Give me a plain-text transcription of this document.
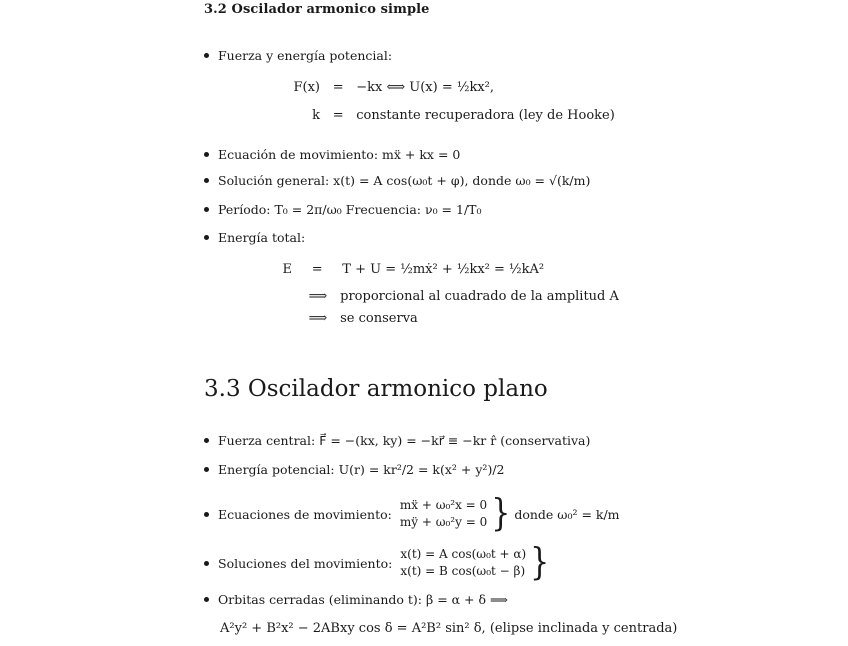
3.2 Oscilador armonico simple
Fuerza y energía potencial:
F(x) = −kx ⟺ U(x) = ½kx²,
k = constante recuperadora (ley de Hooke)
Ecuación de movimiento: mẍ + kx = 0
Solución general: x(t) = A cos(ω₀t + φ), donde ω₀ = √(k/m)
Período: T₀ = 2π/ω₀ Frecuencia: ν₀ = 1/T₀
Energía total:
E = T + U = ½mẋ² + ½kx² = ½kA²
⟹ proporcional al cuadrado de la amplitud A
⟹ se conserva
3.3 Oscilador armonico plano
Fuerza central: F⃗ = −(kx, ky) = −kr⃗ ≡ −kr r̂ (conservativa)
Energía potencial: U(r) = kr²/2 = k(x² + y²)/2
Ecuaciones de movimiento:
mẍ + ω₀²x = 0
mÿ + ω₀²y = 0 } donde ω₀² = k/m
Soluciones del movimiento:
x(t) = A cos(ω₀t + α)
x(t) = B cos(ω₀t − β) }
Orbitas cerradas (eliminando t): β = α + δ ⟹
A²y² + B²x² − 2ABxy cos δ = A²B² sin² δ, (elipse inclinada y centrada)
